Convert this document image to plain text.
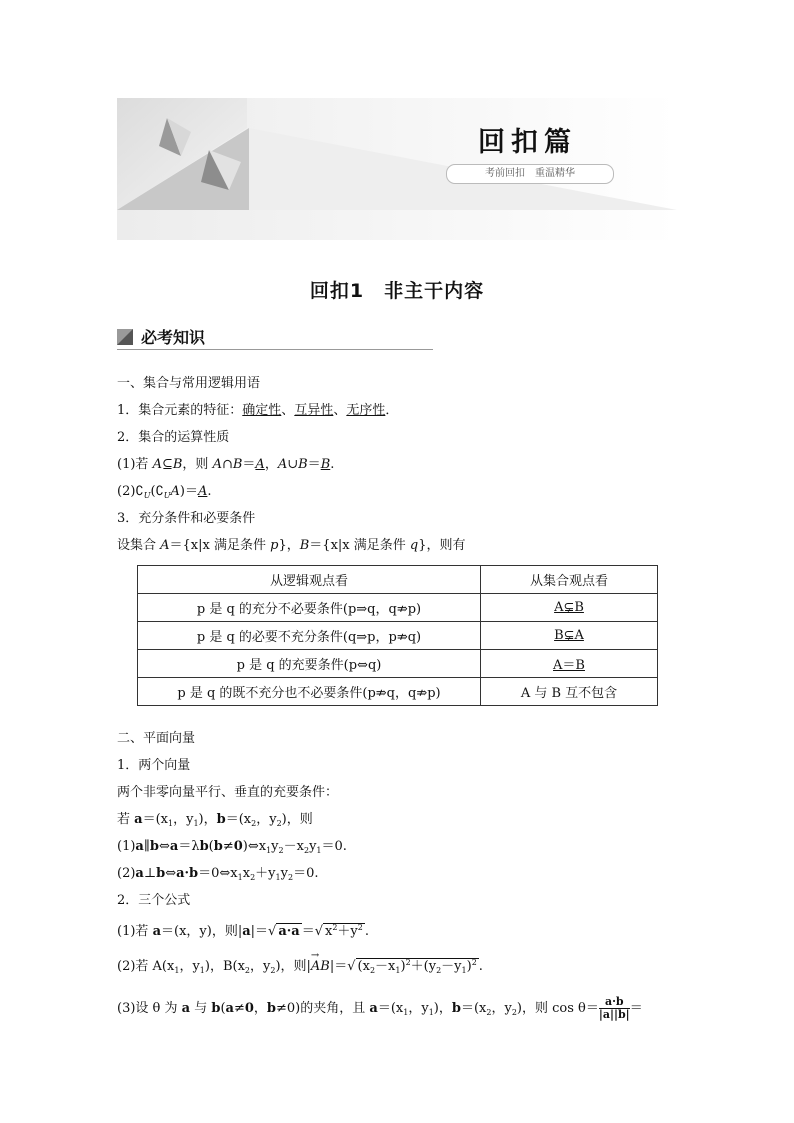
回扣篇
考前回扣　重温精华
回扣1　非主干内容
必考知识
一、集合与常用逻辑用语
1．集合元素的特征：确定性、互异性、无序性．
2．集合的运算性质
(1)若 A⊆B，则 A∩B＝A，A∪B＝B.
$(2)∁_U(∁_UA)=A$.
3．充分条件和必要条件
设集合 A＝{x|x 满足条件 p}，B＝{x|x 满足条件 q}，则有
从逻辑观点看	从集合观点看
p 是 q 的充分不必要条件(p⇒q，q⇏p)	A⊊B
p 是 q 的必要不充分条件(q⇒p，p⇏q)	B⊊A
p 是 q 的充要条件(p⇔q)	A＝B
p 是 q 的既不充分也不必要条件(p⇏q，q⇏p)	A 与 B 互不包含
二、平面向量
1．两个向量
两个非零向量平行、垂直的充要条件：
若 $a=(x_1$，$y_1$)，$b=(x_2$，$y_2$)，则
$(1)a\parallel b\Leftrightarrow a=\lambda b(b\ne 0)\Leftrightarrow x_1y_2-x_2y_1=0$.
$(2)a\perp b\Leftrightarrow a\cdot b=0\Leftrightarrow x_1x_2+y_1y_2=0$.
2．三个公式
(1)若 a＝(x，y)，则|a|＝√ a·a ＝√ $x^2+y^2$ .
(2)若 $A(x_1$，$y_1$)，$B(x_2$，$y_2$)，则|→ AB|＝√ $(x_2-x_1)^2+(y_2-y_1)^2$ .
(3)设 θ 为 a 与 b(a≠0，b≠0)的夹角，且 $a=(x_1$，$y_1$)，$b=(x_2$，$y_2$)，则 $\cos \theta= \frac{a\cdot b}{|a||b|}$ ＝
